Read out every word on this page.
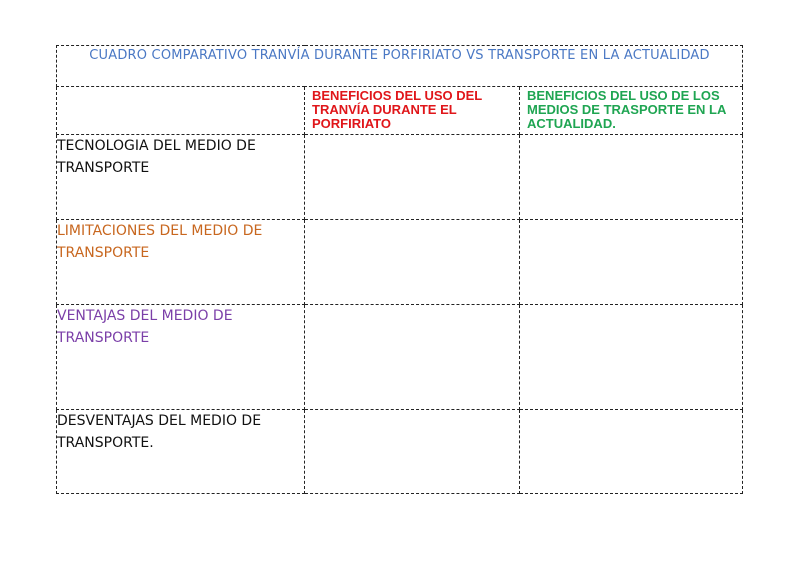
CUADRO COMPARATIVO TRANVÍA DURANTE PORFIRIATO VS TRANSPORTE EN LA ACTUALIDAD		

	BENEFICIOS DEL USO DEL TRANVÍA DURANTE EL PORFIRIATO	BENEFICIOS DEL USO DE LOS MEDIOS DE TRASPORTE EN LA ACTUALIDAD.

TECNOLOGIA DEL MEDIO DE TRANSPORTE		

LIMITACIONES DEL MEDIO DE TRANSPORTE		

VENTAJAS DEL MEDIO DE TRANSPORTE		

DESVENTAJAS DEL MEDIO DE TRANSPORTE.		
